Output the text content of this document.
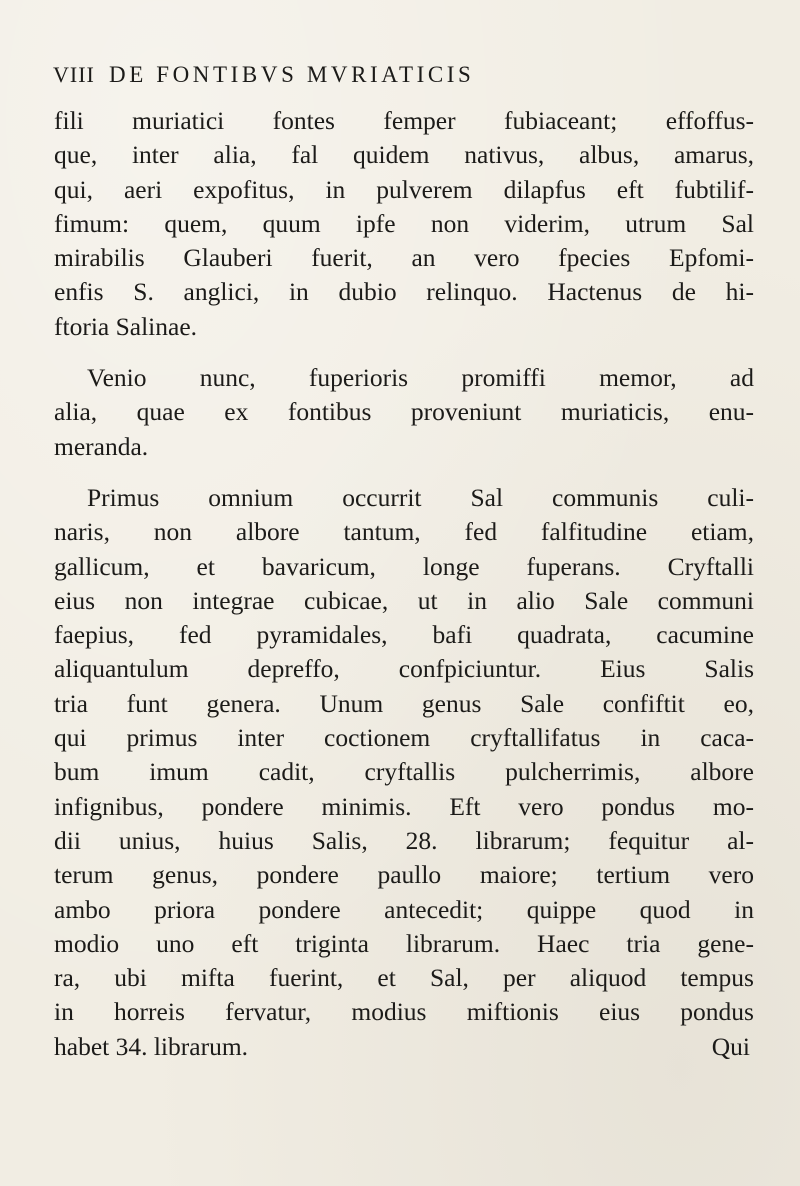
VIII DE FONTIBVS MVRIATICIS
fili muriatici fontes femper fubiaceant; effoffus-
que, inter alia, fal quidem nativus, albus, amarus,
qui, aeri expofitus, in pulverem dilapfus eft fubtilif-
fimum: quem, quum ipfe non viderim, utrum Sal
mirabilis Glauberi fuerit, an vero fpecies Epfomi-
enfis S. anglici, in dubio relinquo. Hactenus de hi-
ftoria Salinae.
Venio nunc, fuperioris promiffi memor, ad
alia, quae ex fontibus proveniunt muriaticis, enu-
meranda.
Primus omnium occurrit Sal communis culi-
naris, non albore tantum, fed falfitudine etiam,
gallicum, et bavaricum, longe fuperans. Cryftalli
eius non integrae cubicae, ut in alio Sale communi
faepius, fed pyramidales, bafi quadrata, cacumine
aliquantulum depreffo, confpiciuntur. Eius Salis
tria funt genera. Unum genus Sale confiftit eo,
qui primus inter coctionem cryftallifatus in caca-
bum imum cadit, cryftallis pulcherrimis, albore
infignibus, pondere minimis. Eft vero pondus mo-
dii unius, huius Salis, 28. librarum; fequitur al-
terum genus, pondere paullo maiore; tertium vero
ambo priora pondere antecedit; quippe quod in
modio uno eft triginta librarum. Haec tria gene-
ra, ubi mifta fuerint, et Sal, per aliquod tempus
in horreis fervatur, modius miftionis eius pondus
habet 34. librarum.	Qui
